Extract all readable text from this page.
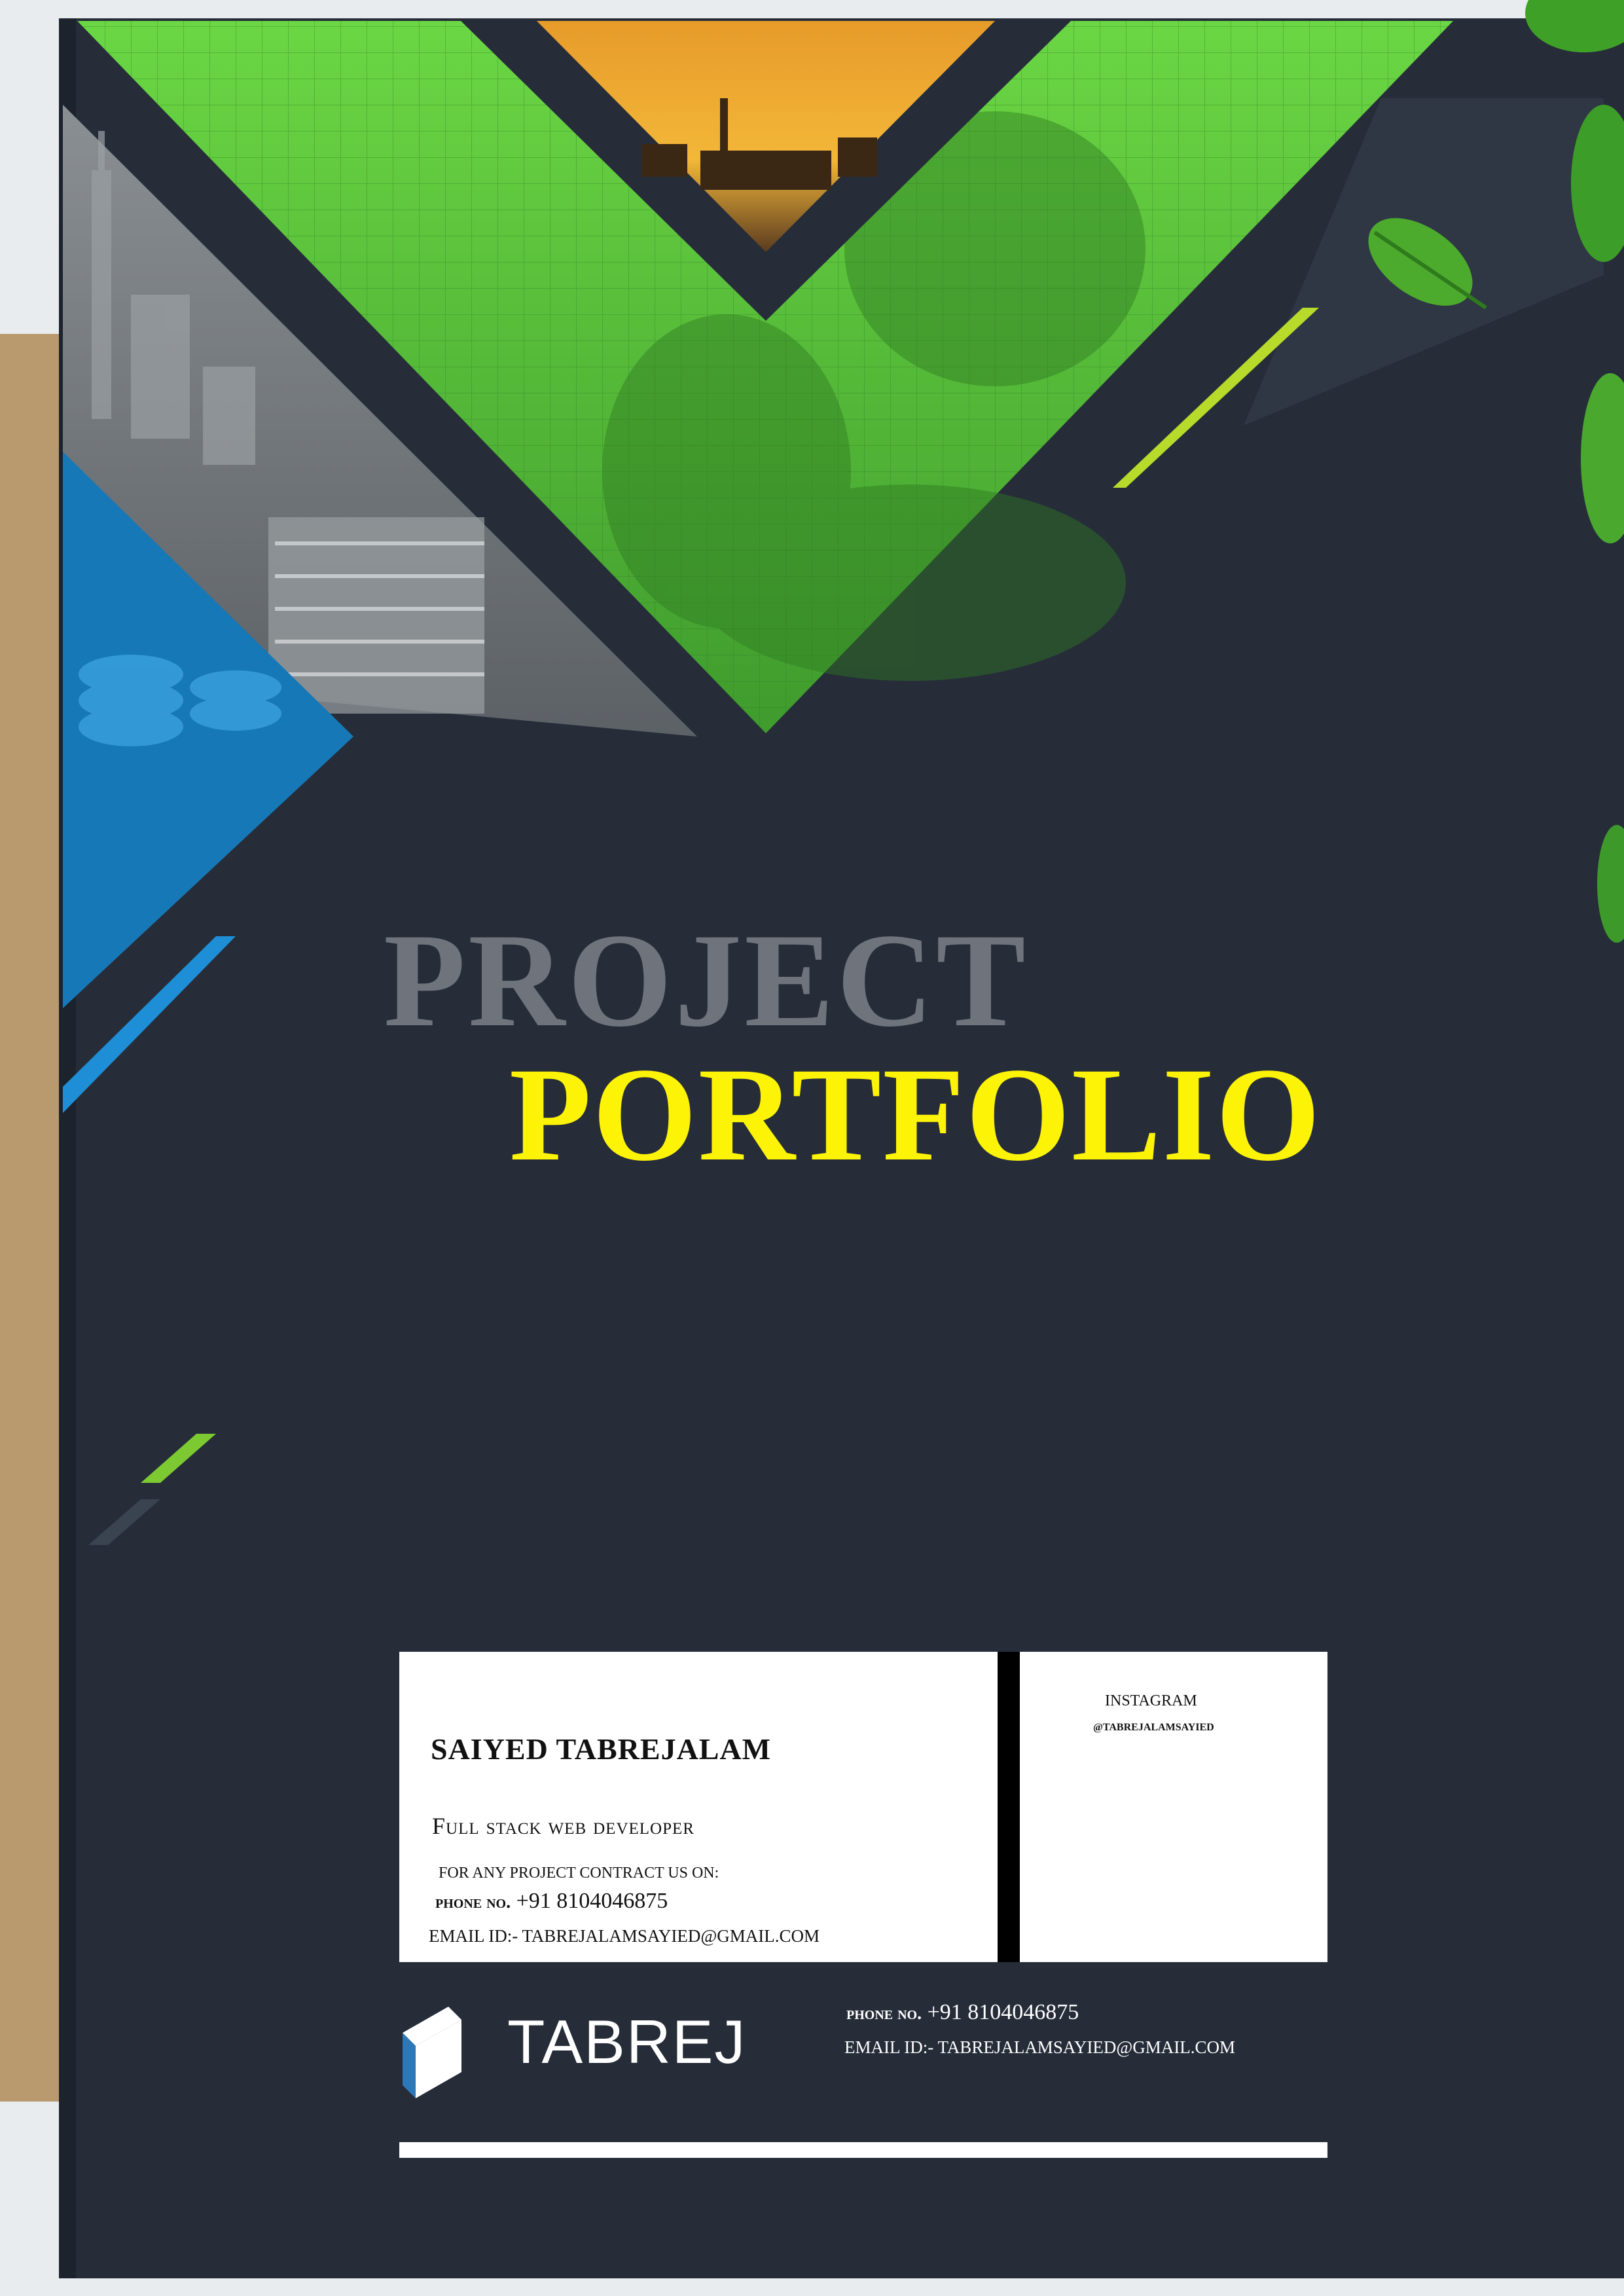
PROJECT
PORTFOLIO
SAIYED TABREJALAM
Full stack web developer
FOR ANY PROJECT CONTRACT US ON:
phone no. +91 8104046875
EMAIL ID:- TABREJALAMSAYIED@GMAIL.COM
INSTAGRAM
@TABREJALAMSAYIED
TABREJ	phone no. +91 8104046875
EMAIL ID:- TABREJALAMSAYIED@GMAIL.COM
